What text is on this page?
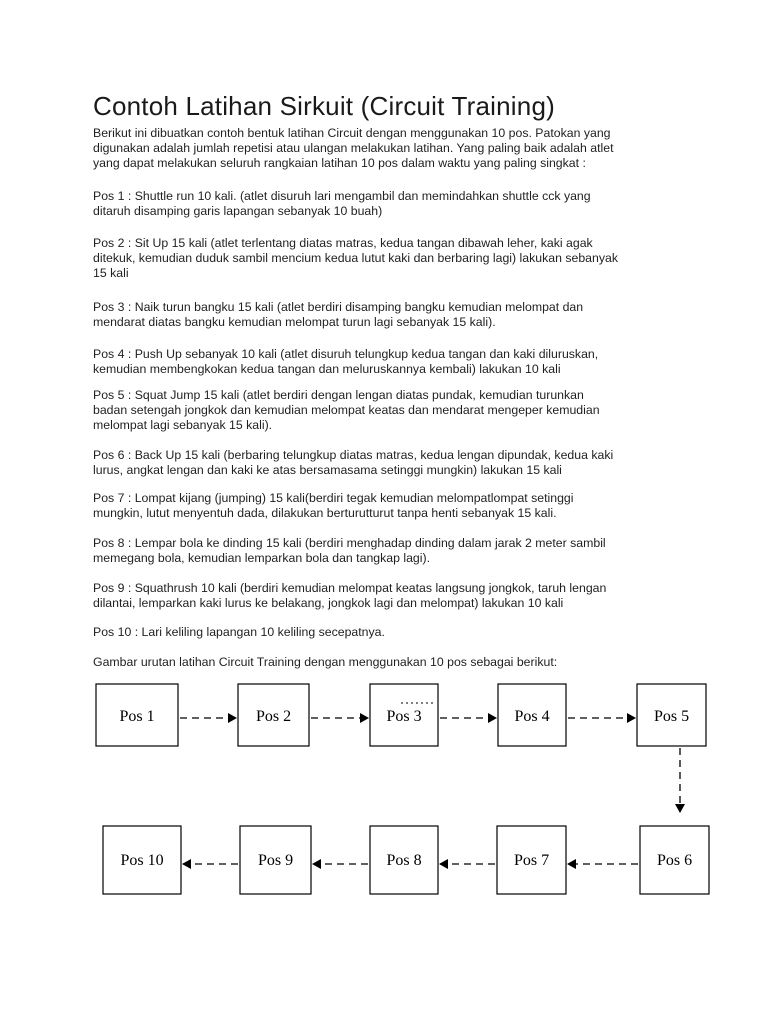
Contoh Latihan Sirkuit (Circuit Training)

Berikut ini dibuatkan contoh bentuk latihan Circuit dengan menggunakan 10 pos. Patokan yang
digunakan adalah jumlah repetisi atau ulangan melakukan latihan. Yang paling baik adalah atlet
yang dapat melakukan seluruh rangkaian latihan 10 pos dalam waktu yang paling singkat :

Pos 1 : Shuttle run 10 kali. (atlet disuruh lari mengambil dan memindahkan shuttle cck yang
ditaruh disamping garis lapangan sebanyak 10 buah)

Pos 2 : Sit Up 15 kali (atlet terlentang diatas matras, kedua tangan dibawah leher, kaki agak
ditekuk, kemudian duduk sambil mencium kedua lutut kaki dan berbaring lagi) lakukan sebanyak
15 kali

Pos 3 : Naik turun bangku 15 kali (atlet berdiri disamping bangku kemudian melompat dan
mendarat diatas bangku kemudian melompat turun lagi sebanyak 15 kali).

Pos 4 : Push Up sebanyak 10 kali (atlet disuruh telungkup kedua tangan dan kaki diluruskan,
kemudian membengkokan kedua tangan dan meluruskannya kembali) lakukan 10 kali

Pos 5 : Squat Jump 15 kali (atlet berdiri dengan lengan diatas pundak, kemudian turunkan
badan setengah jongkok dan kemudian melompat keatas dan mendarat mengeper kemudian
melompat lagi sebanyak 15 kali).

Pos 6 : Back Up 15 kali (berbaring telungkup diatas matras, kedua lengan dipundak, kedua kaki
lurus, angkat lengan dan kaki ke atas bersamasama setinggi mungkin) lakukan 15 kali

Pos 7 : Lompat kijang (jumping) 15 kali(berdiri tegak kemudian melompatlompat setinggi
mungkin, lutut menyentuh dada, dilakukan berturutturut tanpa henti sebanyak 15 kali.

Pos 8 : Lempar bola ke dinding 15 kali (berdiri menghadap dinding dalam jarak 2 meter sambil
memegang bola, kemudian lemparkan bola dan tangkap lagi).

Pos 9 : Squathrush 10 kali (berdiri kemudian melompat keatas langsung jongkok, taruh lengan
dilantai, lemparkan kaki lurus ke belakang, jongkok lagi dan melompat) lakukan 10 kali

Pos 10 : Lari keliling lapangan 10 keliling secepatnya.

Gambar urutan latihan Circuit Training dengan menggunakan 10 pos sebagai berikut:

Pos 1	Pos 2	Pos 3	Pos 4	Pos 5
Pos 10	Pos 9	Pos 8	Pos 7	Pos 6
